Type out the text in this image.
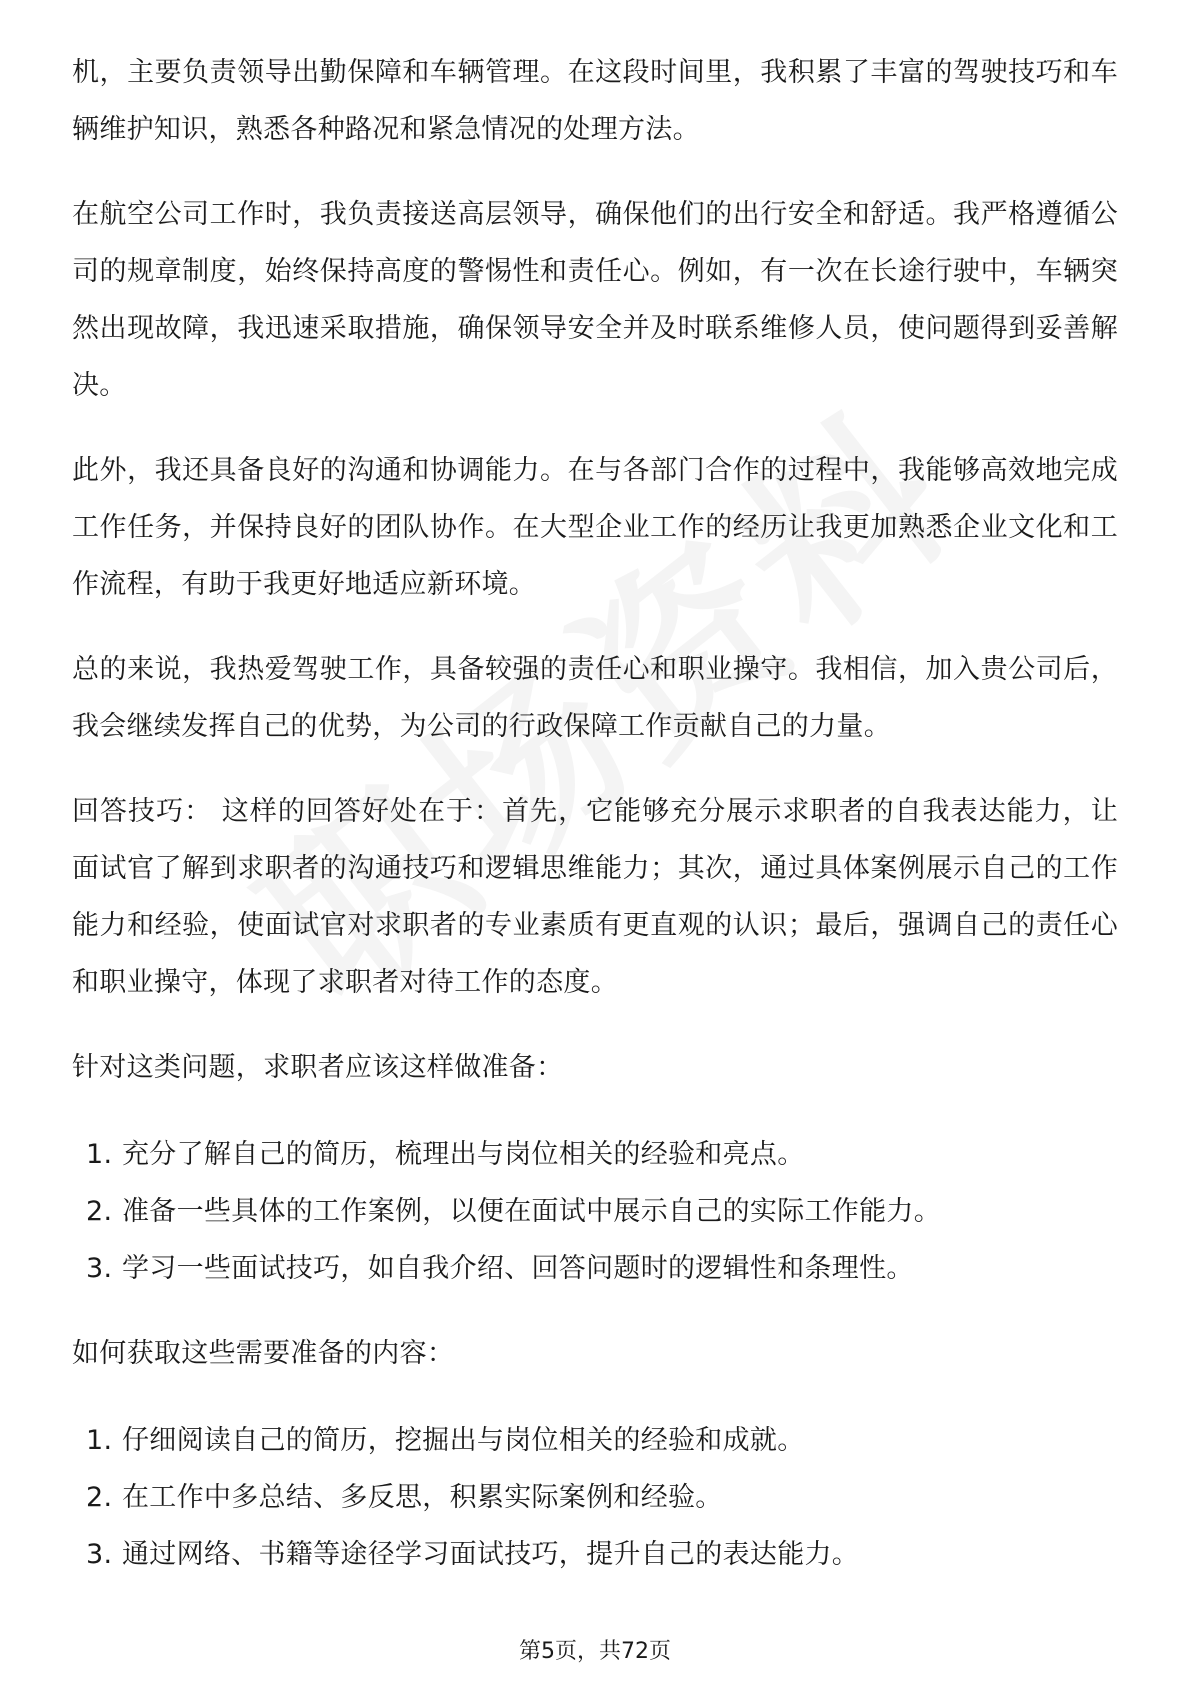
机，主要负责领导出勤保障和车辆管理。在这段时间里，我积累了丰富的驾驶技巧和车辆维护知识，熟悉各种路况和紧急情况的处理方法。

在航空公司工作时，我负责接送高层领导，确保他们的出行安全和舒适。我严格遵循公司的规章制度，始终保持高度的警惕性和责任心。例如，有一次在长途行驶中，车辆突然出现故障，我迅速采取措施，确保领导安全并及时联系维修人员，使问题得到妥善解决。

此外，我还具备良好的沟通和协调能力。在与各部门合作的过程中，我能够高效地完成工作任务，并保持良好的团队协作。在大型企业工作的经历让我更加熟悉企业文化和工作流程，有助于我更好地适应新环境。

总的来说，我热爱驾驶工作，具备较强的责任心和职业操守。我相信，加入贵公司后，我会继续发挥自己的优势，为公司的行政保障工作贡献自己的力量。

回答技巧： 这样的回答好处在于：首先，它能够充分展示求职者的自我表达能力，让面试官了解到求职者的沟通技巧和逻辑思维能力；其次，通过具体案例展示自己的工作能力和经验，使面试官对求职者的专业素质有更直观的认识；最后，强调自己的责任心和职业操守，体现了求职者对待工作的态度。

针对这类问题，求职者应该这样做准备：

1. 充分了解自己的简历，梳理出与岗位相关的经验和亮点。
2. 准备一些具体的工作案例，以便在面试中展示自己的实际工作能力。
3. 学习一些面试技巧，如自我介绍、回答问题时的逻辑性和条理性。

如何获取这些需要准备的内容：

1. 仔细阅读自己的简历，挖掘出与岗位相关的经验和成就。
2. 在工作中多总结、多反思，积累实际案例和经验。
3. 通过网络、书籍等途径学习面试技巧，提升自己的表达能力。
第5页，共72页
